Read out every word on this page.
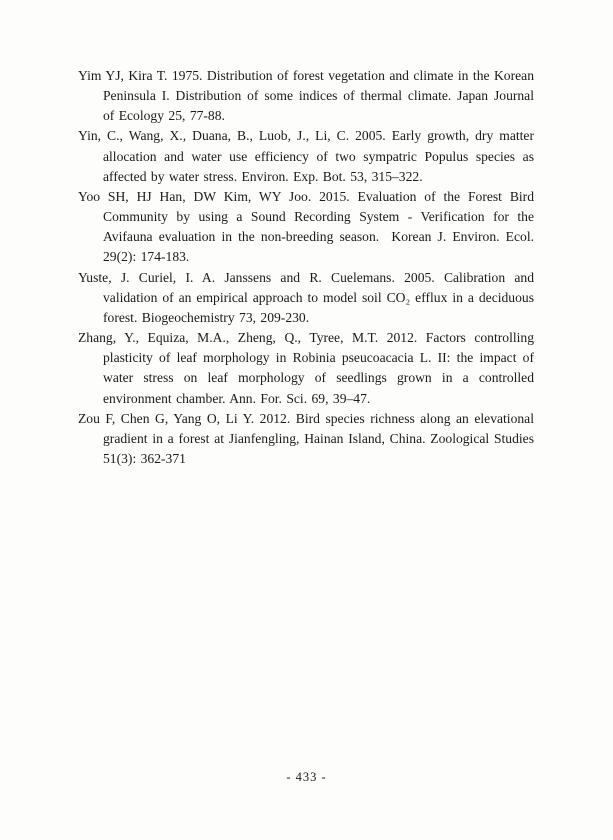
Yim YJ, Kira T. 1975. Distribution of forest vegetation and climate in the Korean Peninsula I. Distribution of some indices of thermal climate. Japan Journal of Ecology 25, 77-88.

Yin, C., Wang, X., Duana, B., Luob, J., Li, C. 2005. Early growth, dry matter allocation and water use efficiency of two sympatric Populus species as affected by water stress. Environ. Exp. Bot. 53, 315–322.

Yoo SH, HJ Han, DW Kim, WY Joo. 2015. Evaluation of the Forest Bird Community by using a Sound Recording System - Verification for the Avifauna evaluation in the non-breeding season.  Korean J. Environ. Ecol. 29(2): 174-183.

Yuste, J. Curiel, I. A. Janssens and R. Cuelemans. 2005. Calibration and validation of an empirical approach to model soil CO₂ efflux in a deciduous forest. Biogeochemistry 73, 209-230.

Zhang, Y., Equiza, M.A., Zheng, Q., Tyree, M.T. 2012. Factors controlling plasticity of leaf morphology in Robinia pseucoacacia L. II: the impact of water stress on leaf morphology of seedlings grown in a controlled environment chamber. Ann. For. Sci. 69, 39–47.

Zou F, Chen G, Yang O, Li Y. 2012. Bird species richness along an elevational gradient in a forest at Jianfengling, Hainan Island, China. Zoological Studies 51(3): 362-371

- 433 -
